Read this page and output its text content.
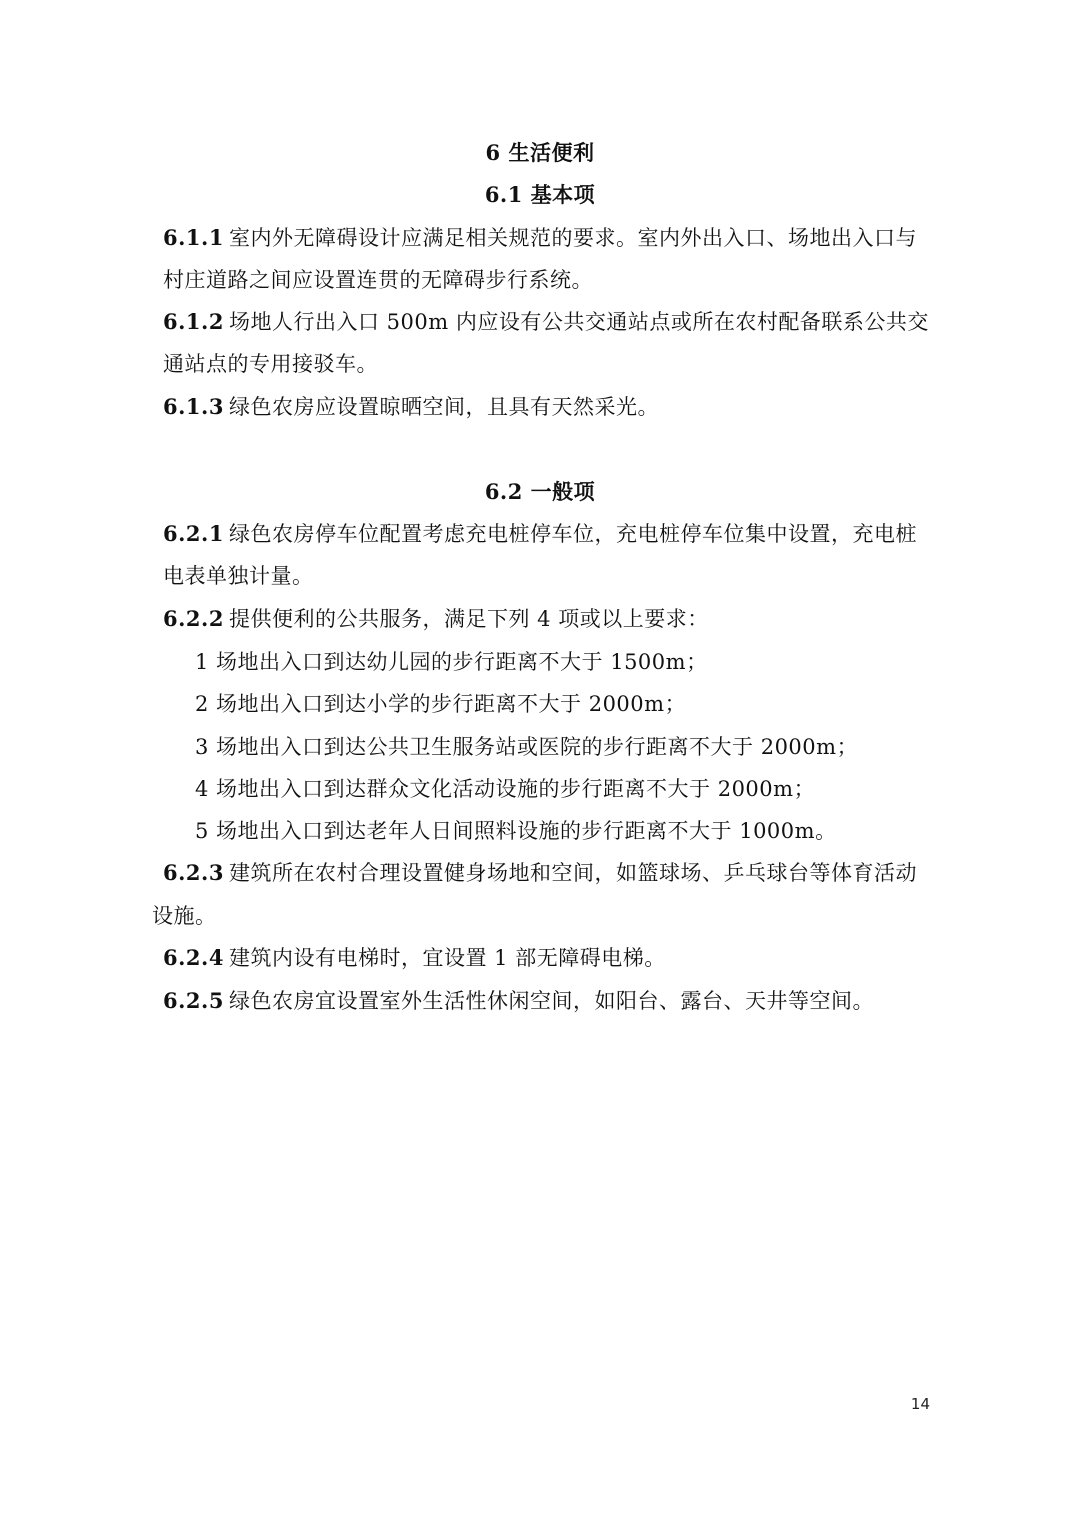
6 生活便利
6.1 基本项
6.1.1 室内外无障碍设计应满足相关规范的要求。室内外出入口、场地出入口与
村庄道路之间应设置连贯的无障碍步行系统。
6.1.2 场地人行出入口 500m 内应设有公共交通站点或所在农村配备联系公共交
通站点的专用接驳车。
6.1.3 绿色农房应设置晾晒空间，且具有天然采光。
6.2 一般项
6.2.1 绿色农房停车位配置考虑充电桩停车位，充电桩停车位集中设置，充电桩
电表单独计量。
6.2.2 提供便利的公共服务，满足下列 4 项或以上要求：
1 场地出入口到达幼儿园的步行距离不大于 1500m；
2 场地出入口到达小学的步行距离不大于 2000m；
3 场地出入口到达公共卫生服务站或医院的步行距离不大于 2000m；
4 场地出入口到达群众文化活动设施的步行距离不大于 2000m；
5 场地出入口到达老年人日间照料设施的步行距离不大于 1000m。
6.2.3 建筑所在农村合理设置健身场地和空间，如篮球场、乒乓球台等体育活动
设施。
6.2.4 建筑内设有电梯时，宜设置 1 部无障碍电梯。
6.2.5 绿色农房宜设置室外生活性休闲空间，如阳台、露台、天井等空间。
14
